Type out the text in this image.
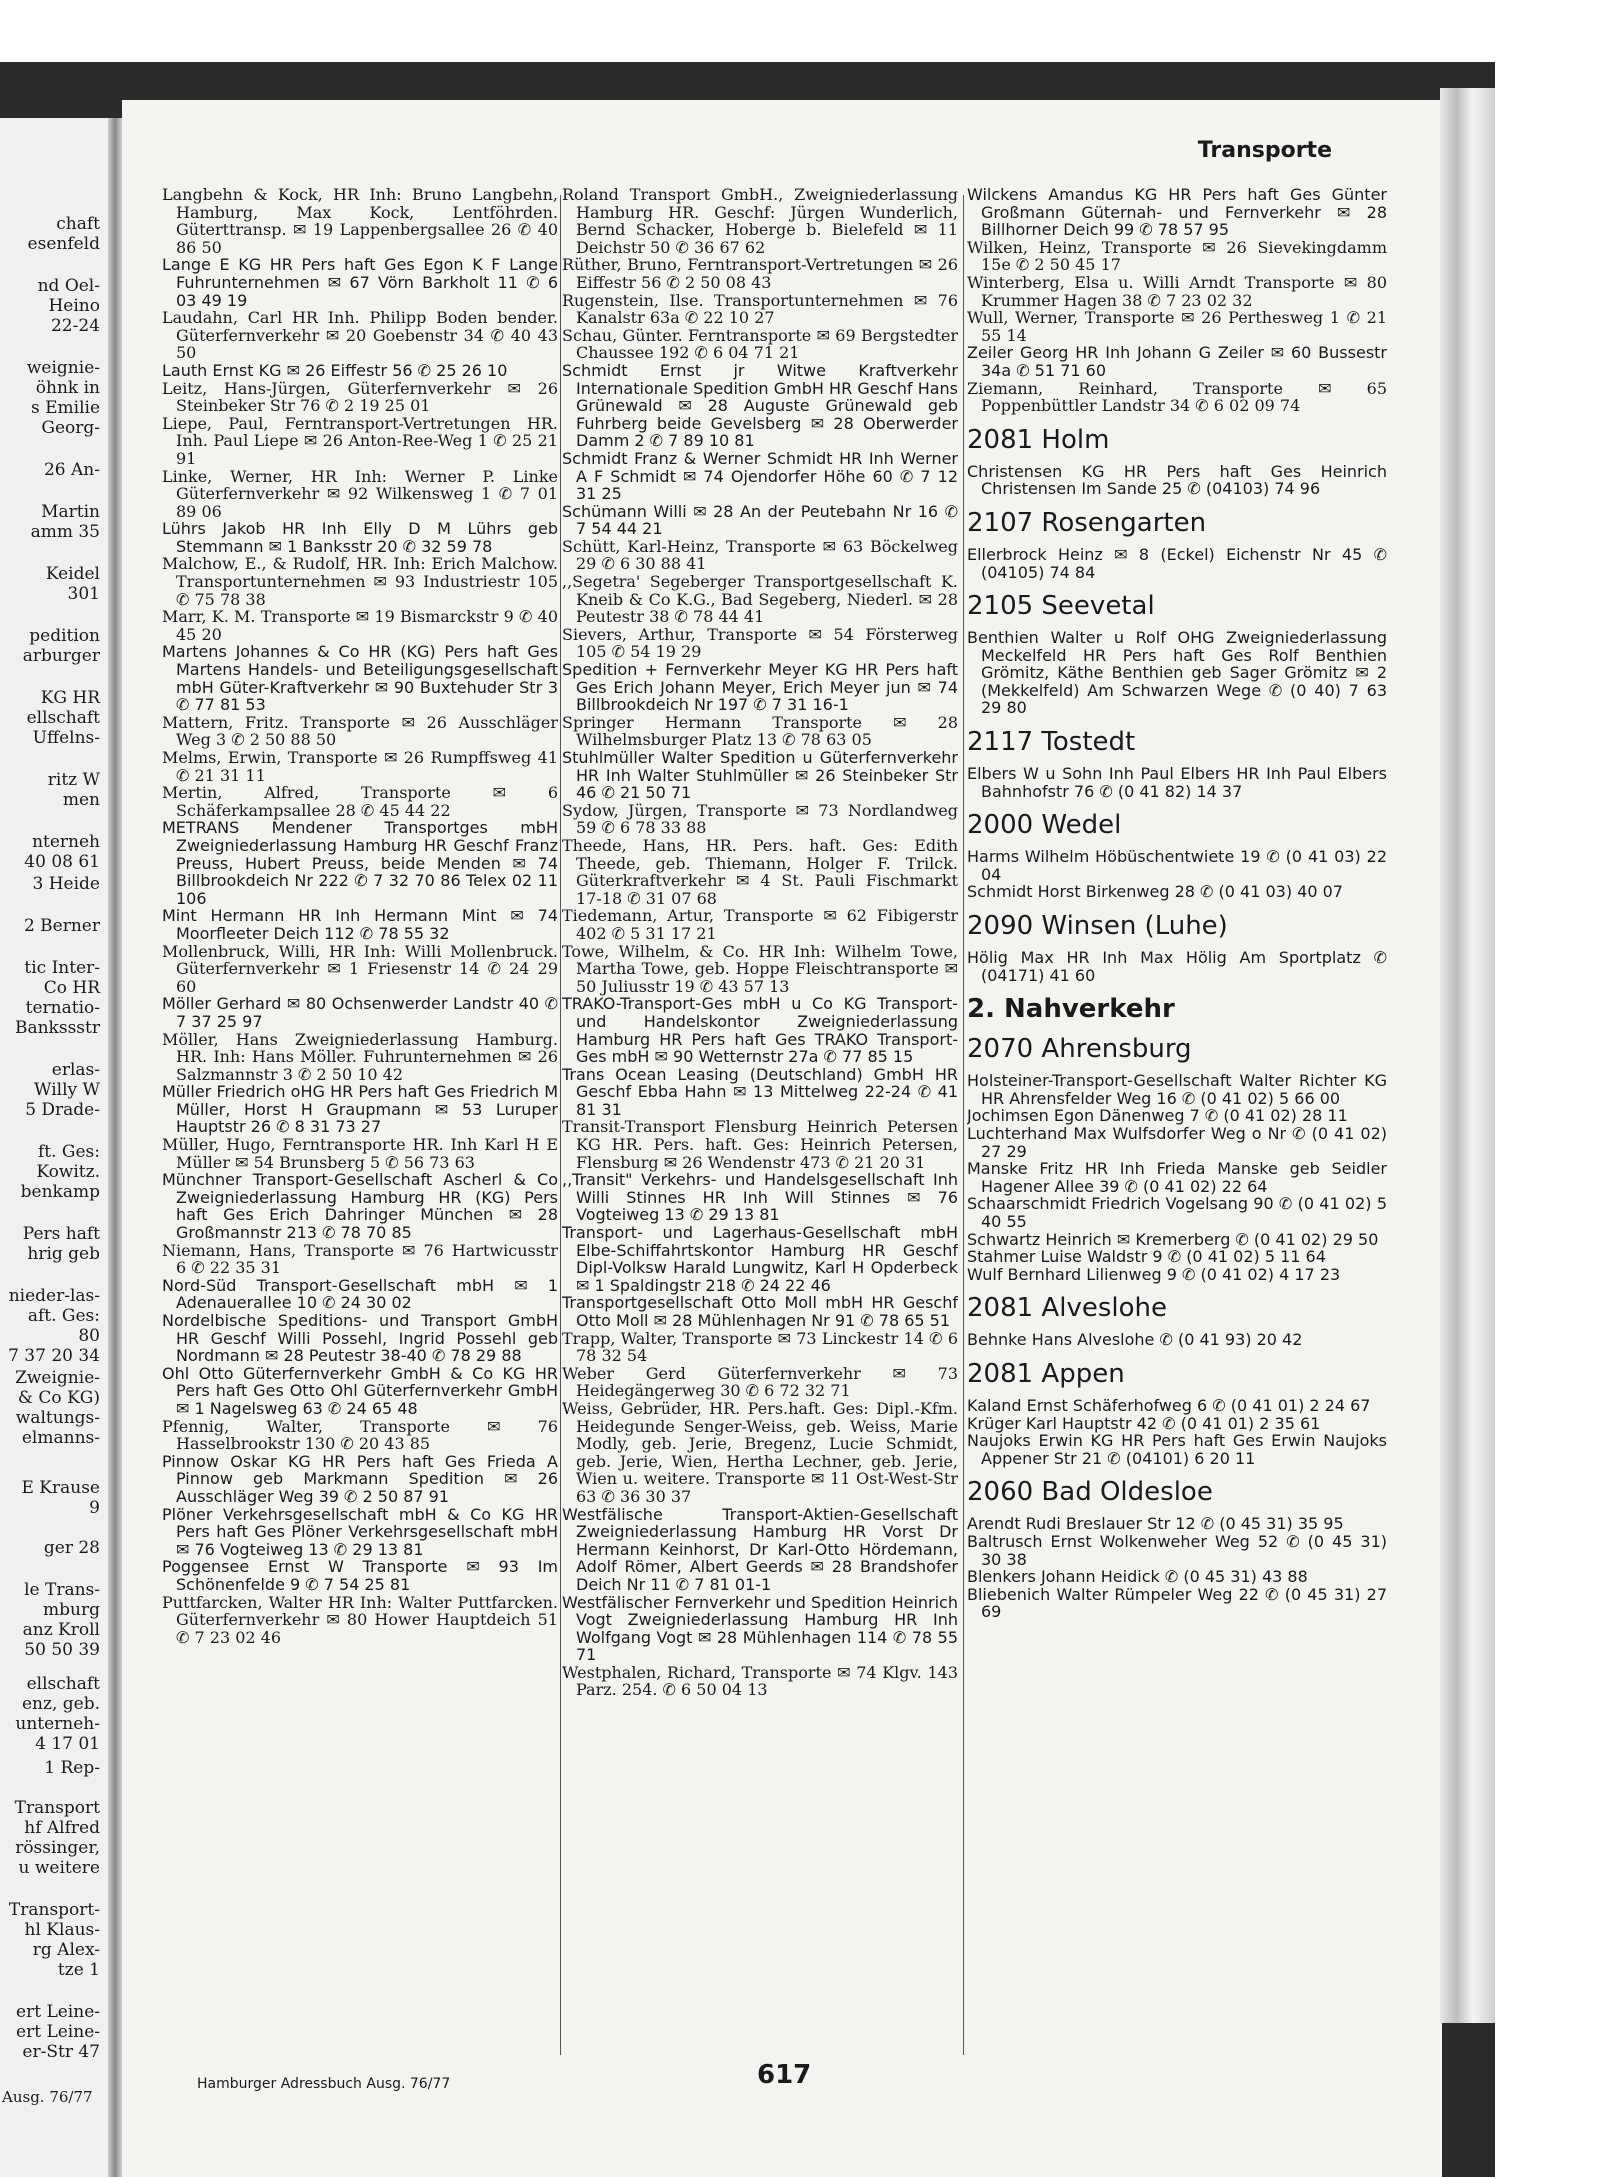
chaft
esenfeld
nd Oel-
Heino
22-24
weignie-
öhnk in
s Emilie
Georg-
26 An-
Martin
amm 35
Keidel
301
pedition
arburger
KG HR
ellschaft
Uffelns-
ritz W
men
nterneh
40 08 61
3 Heide
2 Berner
tic Inter-
Co HR
ternatio-
Bankssstr
erlas-
Willy W
5 Drade-
ft. Ges:
Kowitz.
benkamp
Pers haft
hrig geb
nieder-las-
aft. Ges:
80
7 37 20 34
Zweignie-
& Co KG)
waltungs-
elmanns-
E Krause
9
ger 28
le Trans-
mburg
anz Kroll
50 50 39
ellschaft
enz, geb.
unterneh-
4 17 01
1 Rep-
Transport
hf Alfred
rössinger,
u weitere
Transport-
hl Klaus-
rg Alex-
tze 1
ert Leine-
ert Leine-
er-Str 47
Ausg. 76/77
Transporte
Langbehn & Kock, HR Inh: Bruno Langbehn, Hamburg, Max Kock, Lentföhrden. Güterttransp. ✉ 19 Lappenbergsallee 26 ✆ 40 86 50
Lange E KG HR Pers haft Ges Egon K F Lange Fuhrunternehmen ✉ 67 Vörn Barkholt 11 ✆ 6 03 49 19
Laudahn, Carl HR Inh. Philipp Boden bender. Güterfernverkehr ✉ 20 Goebenstr 34 ✆ 40 43 50
Lauth Ernst KG ✉ 26 Eiffestr 56 ✆ 25 26 10
Leitz, Hans-Jürgen, Güterfernverkehr ✉ 26 Steinbeker Str 76 ✆ 2 19 25 01
Liepe, Paul, Ferntransport-Vertretungen HR. Inh. Paul Liepe ✉ 26 Anton-Ree-Weg 1 ✆ 25 21 91
Linke, Werner, HR Inh: Werner P. Linke Güterfernverkehr ✉ 92 Wilkensweg 1 ✆ 7 01 89 06
Lührs Jakob HR Inh Elly D M Lührs geb Stemmann ✉ 1 Banksstr 20 ✆ 32 59 78
Malchow, E., & Rudolf, HR. Inh: Erich Malchow. Transportunternehmen ✉ 93 Industriestr 105 ✆ 75 78 38
Marr, K. M. Transporte ✉ 19 Bismarckstr 9 ✆ 40 45 20
Martens Johannes & Co HR (KG) Pers haft Ges Martens Handels- und Beteiligungsgesellschaft mbH Güter-Kraftverkehr ✉ 90 Buxtehuder Str 3 ✆ 77 81 53
Mattern, Fritz. Transporte ✉ 26 Ausschläger Weg 3 ✆ 2 50 88 50
Melms, Erwin, Transporte ✉ 26 Rumpffsweg 41 ✆ 21 31 11
Mertin, Alfred, Transporte ✉ 6 Schäferkampsallee 28 ✆ 45 44 22
METRANS Mendener Transportges mbH Zweigniederlassung Hamburg HR Geschf Franz Preuss, Hubert Preuss, beide Menden ✉ 74 Billbrookdeich Nr 222 ✆ 7 32 70 86 Telex 02 11 106
Mint Hermann HR Inh Hermann Mint ✉ 74 Moorfleeter Deich 112 ✆ 78 55 32
Mollenbruck, Willi, HR Inh: Willi Mollenbruck. Güterfernverkehr ✉ 1 Friesenstr 14 ✆ 24 29 60
Möller Gerhard ✉ 80 Ochsenwerder Landstr 40 ✆ 7 37 25 97
Möller, Hans Zweigniederlassung Hamburg. HR. Inh: Hans Möller. Fuhrunternehmen ✉ 26 Salzmannstr 3 ✆ 2 50 10 42
Müller Friedrich oHG HR Pers haft Ges Friedrich M Müller, Horst H Graupmann ✉ 53 Luruper Hauptstr 26 ✆ 8 31 73 27
Müller, Hugo, Ferntransporte HR. Inh Karl H E Müller ✉ 54 Brunsberg 5 ✆ 56 73 63
Münchner Transport-Gesellschaft Ascherl & Co Zweigniederlassung Hamburg HR (KG) Pers haft Ges Erich Dahringer München ✉ 28 Großmannstr 213 ✆ 78 70 85
Niemann, Hans, Transporte ✉ 76 Hartwicusstr 6 ✆ 22 35 31
Nord-Süd Transport-Gesellschaft mbH ✉ 1 Adenauerallee 10 ✆ 24 30 02
Nordelbische Speditions- und Transport GmbH HR Geschf Willi Possehl, Ingrid Possehl geb Nordmann ✉ 28 Peutestr 38-40 ✆ 78 29 88
Ohl Otto Güterfernverkehr GmbH & Co KG HR Pers haft Ges Otto Ohl Güterfernverkehr GmbH ✉ 1 Nagelsweg 63 ✆ 24 65 48
Pfennig, Walter, Transporte ✉ 76 Hasselbrookstr 130 ✆ 20 43 85
Pinnow Oskar KG HR Pers haft Ges Frieda A Pinnow geb Markmann Spedition ✉ 26 Ausschläger Weg 39 ✆ 2 50 87 91
Plöner Verkehrsgesellschaft mbH & Co KG HR Pers haft Ges Plöner Verkehrsgesellschaft mbH ✉ 76 Vogteiweg 13 ✆ 29 13 81
Poggensee Ernst W Transporte ✉ 93 Im Schönenfelde 9 ✆ 7 54 25 81
Puttfarcken, Walter HR Inh: Walter Puttfarcken. Güterfernverkehr ✉ 80 Hower Hauptdeich 51 ✆ 7 23 02 46
Roland Transport GmbH., Zweigniederlassung Hamburg HR. Geschf: Jürgen Wunderlich, Bernd Schacker, Hoberge b. Bielefeld ✉ 11 Deichstr 50 ✆ 36 67 62
Rüther, Bruno, Ferntransport-Vertretungen ✉ 26 Eiffestr 56 ✆ 2 50 08 43
Rugenstein, Ilse. Transportunternehmen ✉ 76 Kanalstr 63a ✆ 22 10 27
Schau, Günter. Ferntransporte ✉ 69 Bergstedter Chaussee 192 ✆ 6 04 71 21
Schmidt Ernst jr Witwe Kraftverkehr Internationale Spedition GmbH HR Geschf Hans Grünewald ✉ 28 Auguste Grünewald geb Fuhrberg beide Gevelsberg ✉ 28 Oberwerder Damm 2 ✆ 7 89 10 81
Schmidt Franz & Werner Schmidt HR Inh Werner A F Schmidt ✉ 74 Ojendorfer Höhe 60 ✆ 7 12 31 25
Schümann Willi ✉ 28 An der Peutebahn Nr 16 ✆ 7 54 44 21
Schütt, Karl-Heinz, Transporte ✉ 63 Böckelweg 29 ✆ 6 30 88 41
,,Segetra' Segeberger Transportgesellschaft K. Kneib & Co K.G., Bad Segeberg, Niederl. ✉ 28 Peutestr 38 ✆ 78 44 41
Sievers, Arthur, Transporte ✉ 54 Försterweg 105 ✆ 54 19 29
Spedition + Fernverkehr Meyer KG HR Pers haft Ges Erich Johann Meyer, Erich Meyer jun ✉ 74 Billbrookdeich Nr 197 ✆ 7 31 16-1
Springer Hermann Transporte ✉ 28 Wilhelmsburger Platz 13 ✆ 78 63 05
Stuhlmüller Walter Spedition u Güterfernverkehr HR Inh Walter Stuhlmüller ✉ 26 Steinbeker Str 46 ✆ 21 50 71
Sydow, Jürgen, Transporte ✉ 73 Nordlandweg 59 ✆ 6 78 33 88
Theede, Hans, HR. Pers. haft. Ges: Edith Theede, geb. Thiemann, Holger F. Trilck. Güterkraftverkehr ✉ 4 St. Pauli Fischmarkt 17-18 ✆ 31 07 68
Tiedemann, Artur, Transporte ✉ 62 Fibigerstr 402 ✆ 5 31 17 21
Towe, Wilhelm, & Co. HR Inh: Wilhelm Towe, Martha Towe, geb. Hoppe Fleischtransporte ✉ 50 Juliusstr 19 ✆ 43 57 13
TRAKO-Transport-Ges mbH u Co KG Transport- und Handelskontor Zweigniederlassung Hamburg HR Pers haft Ges TRAKO Transport-Ges mbH ✉ 90 Wetternstr 27a ✆ 77 85 15
Trans Ocean Leasing (Deutschland) GmbH HR Geschf Ebba Hahn ✉ 13 Mittelweg 22-24 ✆ 41 81 31
Transit-Transport Flensburg Heinrich Petersen KG HR. Pers. haft. Ges: Heinrich Petersen, Flensburg ✉ 26 Wendenstr 473 ✆ 21 20 31
,,Transit" Verkehrs- und Handelsgesellschaft Inh Willi Stinnes HR Inh Will Stinnes ✉ 76 Vogteiweg 13 ✆ 29 13 81
Transport- und Lagerhaus-Gesellschaft mbH Elbe-Schiffahrtskontor Hamburg HR Geschf Dipl-Volksw Harald Lungwitz, Karl H Opderbeck ✉ 1 Spaldingstr 218 ✆ 24 22 46
Transportgesellschaft Otto Moll mbH HR Geschf Otto Moll ✉ 28 Mühlenhagen Nr 91 ✆ 78 65 51
Trapp, Walter, Transporte ✉ 73 Linckestr 14 ✆ 6 78 32 54
Weber Gerd Güterfernverkehr ✉ 73 Heidegängerweg 30 ✆ 6 72 32 71
Weiss, Gebrüder, HR. Pers.haft. Ges: Dipl.-Kfm. Heidegunde Senger-Weiss, geb. Weiss, Marie Modly, geb. Jerie, Bregenz, Lucie Schmidt, geb. Jerie, Wien, Hertha Lechner, geb. Jerie, Wien u. weitere. Transporte ✉ 11 Ost-West-Str 63 ✆ 36 30 37
Westfälische Transport-Aktien-Gesellschaft Zweigniederlassung Hamburg HR Vorst Dr Hermann Keinhorst, Dr Karl-Otto Hördemann, Adolf Römer, Albert Geerds ✉ 28 Brandshofer Deich Nr 11 ✆ 7 81 01-1
Westfälischer Fernverkehr und Spedition Heinrich Vogt Zweigniederlassung Hamburg HR Inh Wolfgang Vogt ✉ 28 Mühlenhagen 114 ✆ 78 55 71
Westphalen, Richard, Transporte ✉ 74 Klgv. 143 Parz. 254. ✆ 6 50 04 13
Wilckens Amandus KG HR Pers haft Ges Günter Großmann Güternah- und Fernverkehr ✉ 28 Billhorner Deich 99 ✆ 78 57 95
Wilken, Heinz, Transporte ✉ 26 Sievekingdamm 15e ✆ 2 50 45 17
Winterberg, Elsa u. Willi Arndt Transporte ✉ 80 Krummer Hagen 38 ✆ 7 23 02 32
Wull, Werner, Transporte ✉ 26 Perthesweg 1 ✆ 21 55 14
Zeiler Georg HR Inh Johann G Zeiler ✉ 60 Bussestr 34a ✆ 51 71 60
Ziemann, Reinhard, Transporte ✉ 65 Poppenbüttler Landstr 34 ✆ 6 02 09 74
2081 Holm
Christensen KG HR Pers haft Ges Heinrich Christensen Im Sande 25 ✆ (04103) 74 96
2107 Rosengarten
Ellerbrock Heinz ✉ 8 (Eckel) Eichenstr Nr 45 ✆ (04105) 74 84
2105 Seevetal
Benthien Walter u Rolf OHG Zweigniederlassung Meckelfeld HR Pers haft Ges Rolf Benthien Grömitz, Käthe Benthien geb Sager Grömitz ✉ 2 (Mekkelfeld) Am Schwarzen Wege ✆ (0 40) 7 63 29 80
2117 Tostedt
Elbers W u Sohn Inh Paul Elbers HR Inh Paul Elbers Bahnhofstr 76 ✆ (0 41 82) 14 37
2000 Wedel
Harms Wilhelm Höbüschentwiete 19 ✆ (0 41 03) 22 04
Schmidt Horst Birkenweg 28 ✆ (0 41 03) 40 07
2090 Winsen (Luhe)
Hölig Max HR Inh Max Hölig Am Sportplatz ✆ (04171) 41 60
2. Nahverkehr
2070 Ahrensburg
Holsteiner-Transport-Gesellschaft Walter Richter KG HR Ahrensfelder Weg 16 ✆ (0 41 02) 5 66 00
Jochimsen Egon Dänenweg 7 ✆ (0 41 02) 28 11
Luchterhand Max Wulfsdorfer Weg o Nr ✆ (0 41 02) 27 29
Manske Fritz HR Inh Frieda Manske geb Seidler Hagener Allee 39 ✆ (0 41 02) 22 64
Schaarschmidt Friedrich Vogelsang 90 ✆ (0 41 02) 5 40 55
Schwartz Heinrich ✉ Kremerberg ✆ (0 41 02) 29 50
Stahmer Luise Waldstr 9 ✆ (0 41 02) 5 11 64
Wulf Bernhard Lilienweg 9 ✆ (0 41 02) 4 17 23
2081 Alveslohe
Behnke Hans Alveslohe ✆ (0 41 93) 20 42
2081 Appen
Kaland Ernst Schäferhofweg 6 ✆ (0 41 01) 2 24 67
Krüger Karl Hauptstr 42 ✆ (0 41 01) 2 35 61
Naujoks Erwin KG HR Pers haft Ges Erwin Naujoks Appener Str 21 ✆ (04101) 6 20 11
2060 Bad Oldesloe
Arendt Rudi Breslauer Str 12 ✆ (0 45 31) 35 95
Baltrusch Ernst Wolkenweher Weg 52 ✆ (0 45 31) 30 38
Blenkers Johann Heidick ✆ (0 45 31) 43 88
Bliebenich Walter Rümpeler Weg 22 ✆ (0 45 31) 27 69
Hamburger Adressbuch Ausg. 76/77	617
